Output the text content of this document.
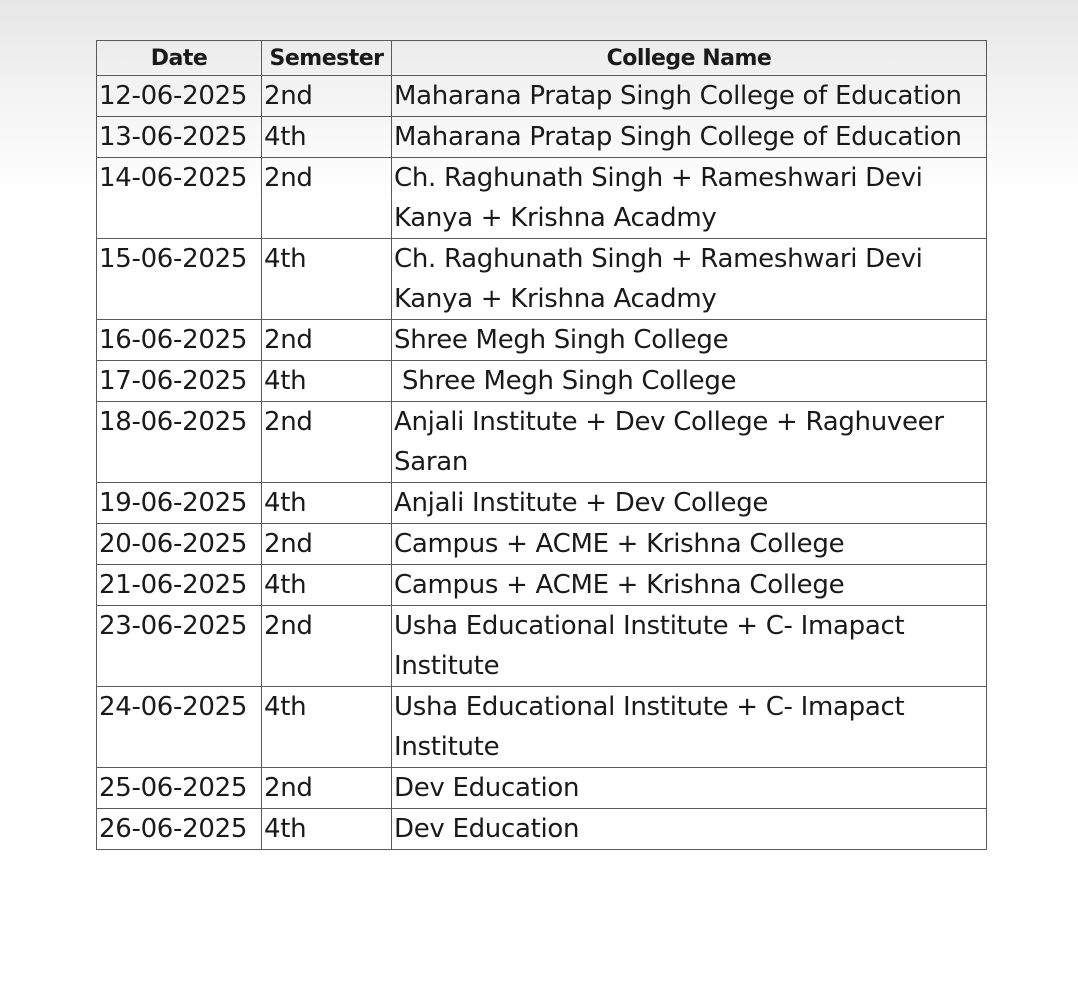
Date	Semester	College Name
12-06-2025	2nd	Maharana Pratap Singh College of Education
13-06-2025	4th	Maharana Pratap Singh College of Education
14-06-2025	2nd	Ch. Raghunath Singh + Rameshwari Devi Kanya + Krishna Acadmy
15-06-2025	4th	Ch. Raghunath Singh + Rameshwari Devi Kanya + Krishna Acadmy
16-06-2025	2nd	Shree Megh Singh College
17-06-2025	4th	Shree Megh Singh College
18-06-2025	2nd	Anjali Institute + Dev College + Raghuveer Saran
19-06-2025	4th	Anjali Institute + Dev College
20-06-2025	2nd	Campus + ACME + Krishna College
21-06-2025	4th	Campus + ACME + Krishna College
23-06-2025	2nd	Usha Educational Institute + C- Imapact Institute
24-06-2025	4th	Usha Educational Institute + C- Imapact Institute
25-06-2025	2nd	Dev Education
26-06-2025	4th	Dev Education
